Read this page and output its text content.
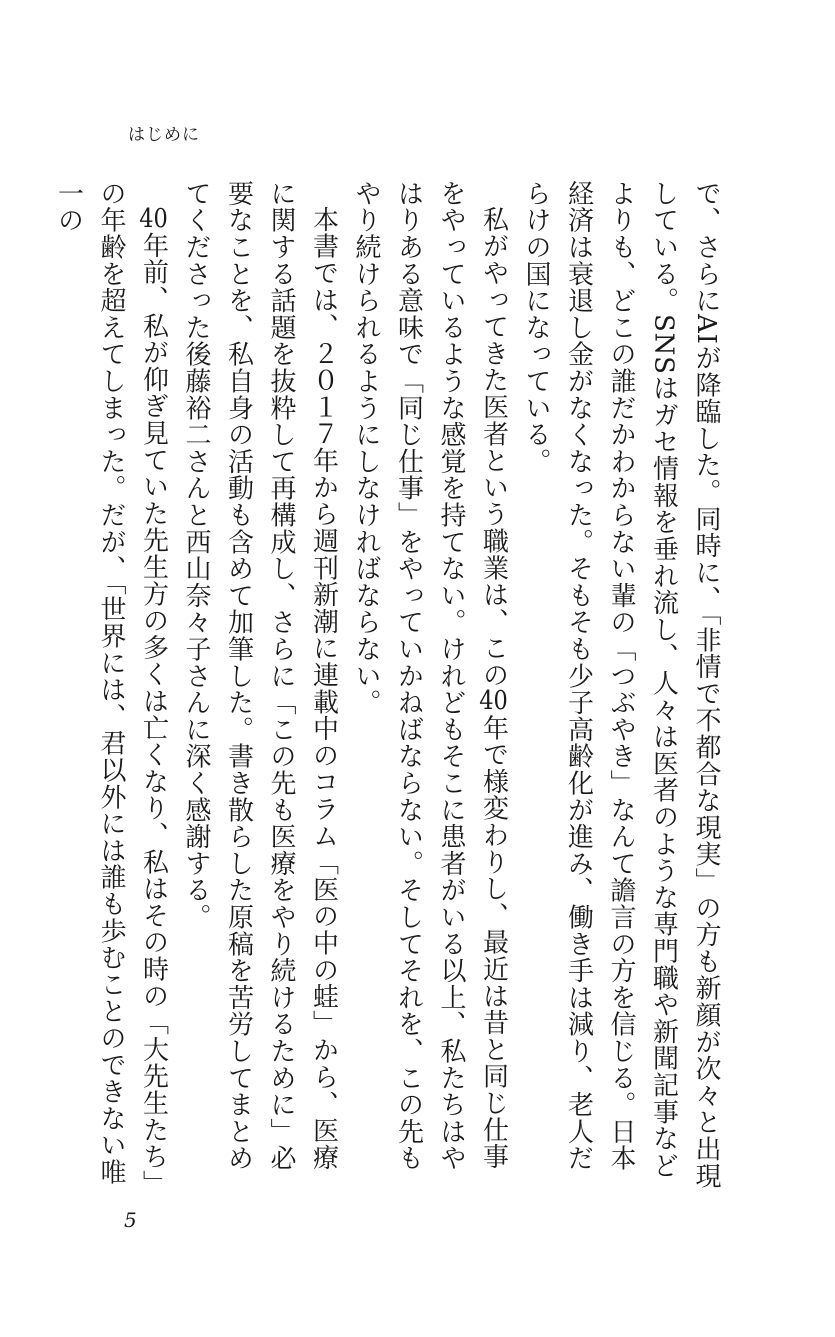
はじめに

で、さらにAIが降臨した。同時に、「非情で不都合な現実」の方も新顔が次々と出現している。SNSはガセ情報を垂れ流し、人々は医者のような専門職や新聞記事などよりも、どこの誰だかわからない輩の「つぶやき」なんて譫言の方を信じる。日本経済は衰退し金がなくなった。そもそも少子高齢化が進み、働き手は減り、老人だらけの国になっている。

私がやってきた医者という職業は、この40年で様変わりし、最近は昔と同じ仕事をやっているような感覚を持てない。けれどもそこに患者がいる以上、私たちはやはりある意味で「同じ仕事」をやっていかねばならない。そしてそれを、この先もやり続けられるようにしなければならない。

本書では、２０１７年から週刊新潮に連載中のコラム「医の中の蛙」から、医療に関する話題を抜粋して再構成し、さらに「この先も医療をやり続けるために」必要なことを、私自身の活動も含めて加筆した。書き散らした原稿を苦労してまとめてくださった後藤裕二さんと西山奈々子さんに深く感謝する。

40年前、私が仰ぎ見ていた先生方の多くは亡くなり、私はその時の「大先生たち」の年齢を超えてしまった。だが、「世界には、君以外には誰も歩むことのできない唯一の

5
